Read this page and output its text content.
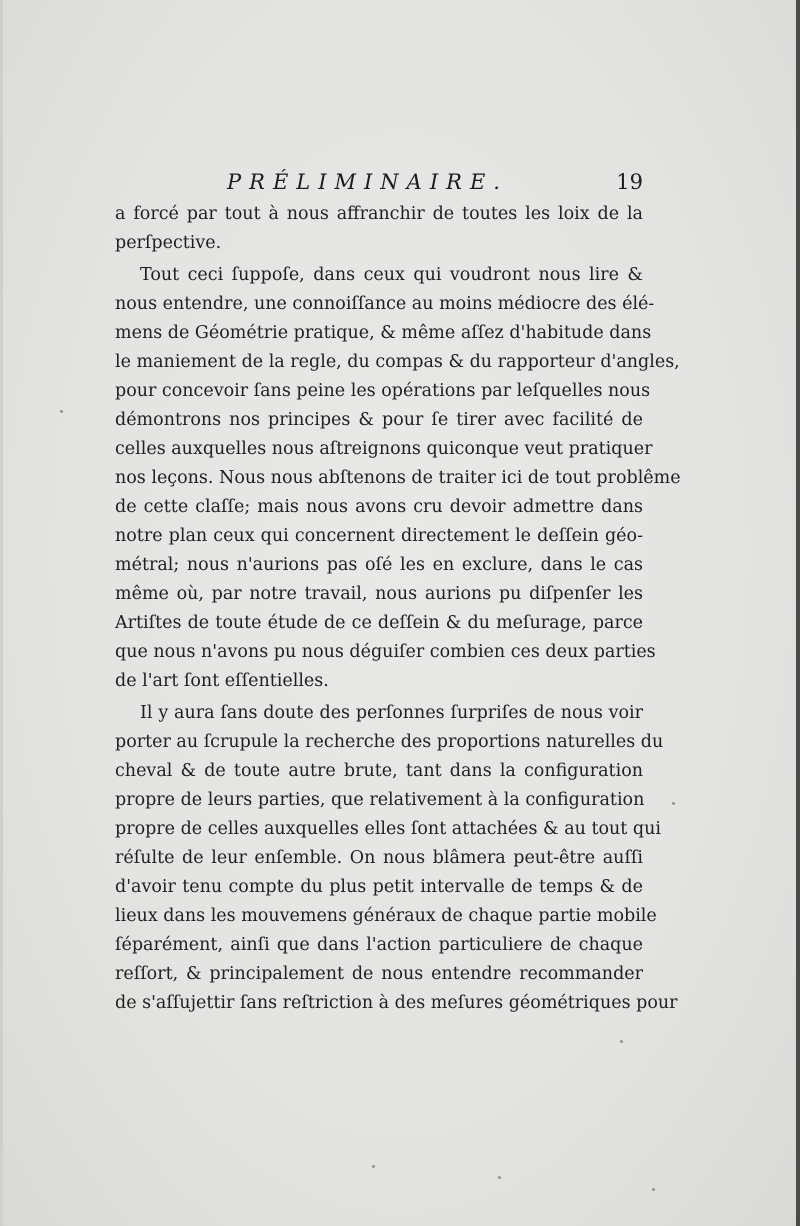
PRÉLIMINAIRE.	19
a forcé par tout à nous affranchir de toutes les loix de la
perſpective.
Tout ceci ſuppoſe, dans ceux qui voudront nous lire &
nous entendre, une connoiſſance au moins médiocre des élé-
mens de Géométrie pratique, & même aſſez d'habitude dans
le maniement de la regle, du compas & du rapporteur d'angles,
pour concevoir ſans peine les opérations par leſquelles nous
démontrons nos principes & pour ſe tirer avec facilité de
celles auxquelles nous aſtreignons quiconque veut pratiquer
nos leçons. Nous nous abſtenons de traiter ici de tout problême
de cette claſſe; mais nous avons cru devoir admettre dans
notre plan ceux qui concernent directement le deſſein géo-
métral; nous n'aurions pas oſé les en exclure, dans le cas
même où, par notre travail, nous aurions pu diſpenſer les
Artiſtes de toute étude de ce deſſein & du meſurage, parce
que nous n'avons pu nous déguiſer combien ces deux parties
de l'art ſont eſſentielles.
Il y aura ſans doute des perſonnes ſurpriſes de nous voir
porter au ſcrupule la recherche des proportions naturelles du
cheval & de toute autre brute, tant dans la configuration
propre de leurs parties, que relativement à la configuration
propre de celles auxquelles elles ſont attachées & au tout qui
réſulte de leur enſemble. On nous blâmera peut-être auſſi
d'avoir tenu compte du plus petit intervalle de temps & de
lieux dans les mouvemens généraux de chaque partie mobile
ſéparément, ainſi que dans l'action particuliere de chaque
reſſort, & principalement de nous entendre recommander
de s'aſſujettir ſans reſtriction à des meſures géométriques pour
